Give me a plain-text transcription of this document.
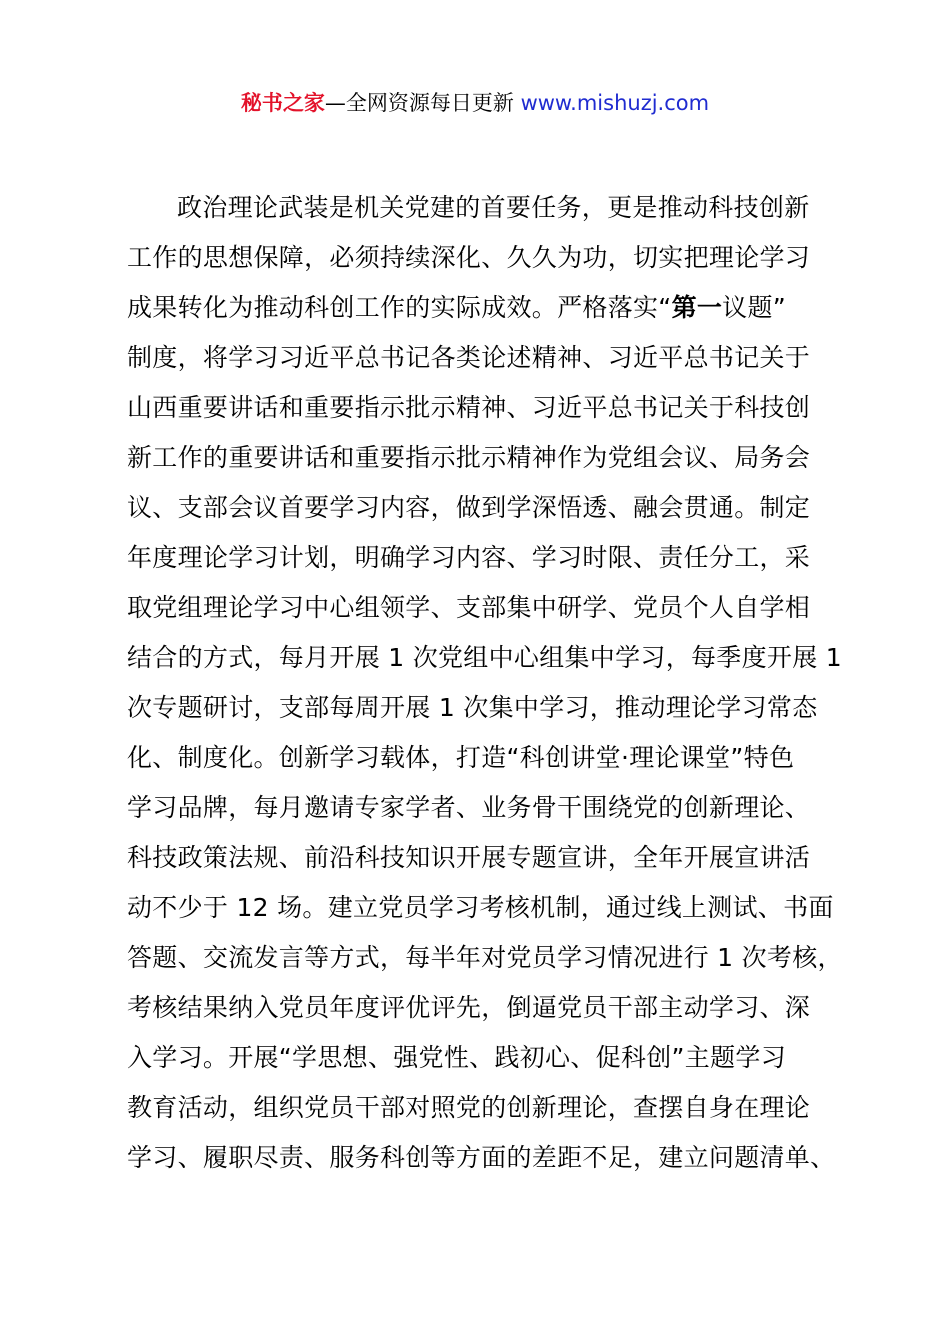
秘书之家—全网资源每日更新 www.mishuzj.com
政治理论武装是机关党建的首要任务，更是推动科技创新
工作的思想保障，必须持续深化、久久为功，切实把理论学习
成果转化为推动科创工作的实际成效。严格落实“第一议题”
制度，将学习习近平总书记各类论述精神、习近平总书记关于
山西重要讲话和重要指示批示精神、习近平总书记关于科技创
新工作的重要讲话和重要指示批示精神作为党组会议、局务会
议、支部会议首要学习内容，做到学深悟透、融会贯通。制定
年度理论学习计划，明确学习内容、学习时限、责任分工，采
取党组理论学习中心组领学、支部集中研学、党员个人自学相
结合的方式，每月开展 1 次党组中心组集中学习，每季度开展 1
次专题研讨，支部每周开展 1 次集中学习，推动理论学习常态
化、制度化。创新学习载体，打造“科创讲堂·理论课堂”特色
学习品牌，每月邀请专家学者、业务骨干围绕党的创新理论、
科技政策法规、前沿科技知识开展专题宣讲，全年开展宣讲活
动不少于 12 场。建立党员学习考核机制，通过线上测试、书面
答题、交流发言等方式，每半年对党员学习情况进行 1 次考核，
考核结果纳入党员年度评优评先，倒逼党员干部主动学习、深
入学习。开展“学思想、强党性、践初心、促科创”主题学习
教育活动，组织党员干部对照党的创新理论，查摆自身在理论
学习、履职尽责、服务科创等方面的差距不足，建立问题清单、
